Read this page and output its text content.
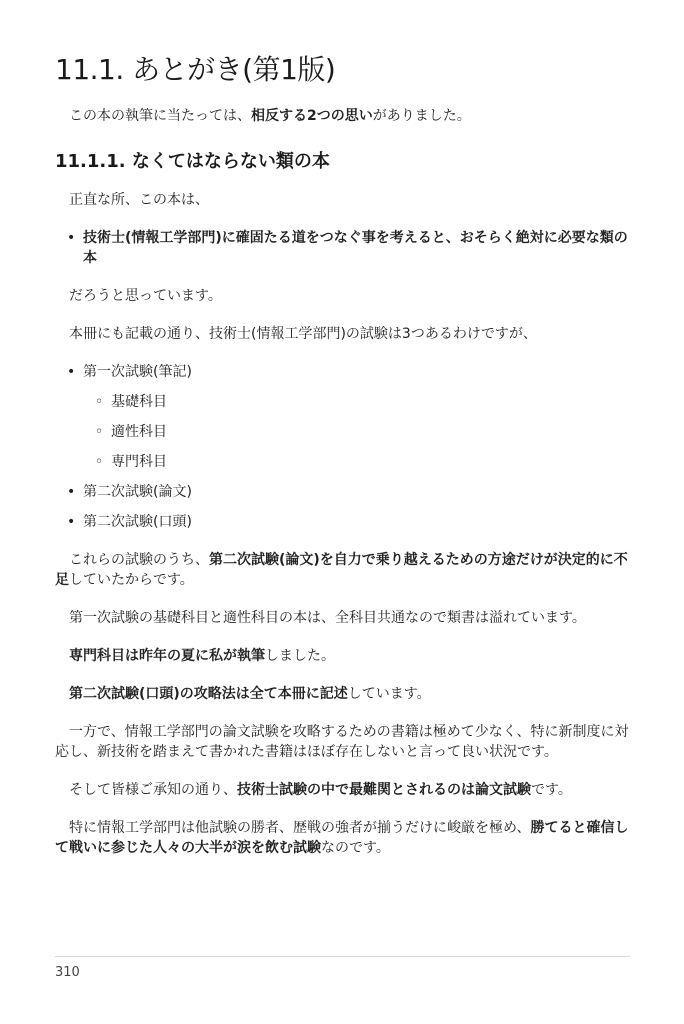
11.1. あとがき(第1版)

この本の執筆に当たっては、相反する2つの思いがありました。

11.1.1. なくてはならない類の本

正直な所、この本は、

• 技術士(情報工学部門)に確固たる道をつなぐ事を考えると、おそらく絶対に必要な類の本

だろうと思っています。

本冊にも記載の通り、技術士(情報工学部門)の試験は3つあるわけですが、

• 第一次試験(筆記)
◦ 基礎科目
◦ 適性科目
◦ 専門科目
• 第二次試験(論文)
• 第二次試験(口頭)

これらの試験のうち、第二次試験(論文)を自力で乗り越えるための方途だけが決定的に不足していたからです。

第一次試験の基礎科目と適性科目の本は、全科目共通なので類書は溢れています。

専門科目は昨年の夏に私が執筆しました。

第二次試験(口頭)の攻略法は全て本冊に記述しています。

一方で、情報工学部門の論文試験を攻略するための書籍は極めて少なく、特に新制度に対応し、新技術を踏まえて書かれた書籍はほぼ存在しないと言って良い状況です。

そして皆様ご承知の通り、技術士試験の中で最難関とされるのは論文試験です。

特に情報工学部門は他試験の勝者、歴戦の強者が揃うだけに峻厳を極め、勝てると確信して戦いに参じた人々の大半が涙を飲む試験なのです。

310
